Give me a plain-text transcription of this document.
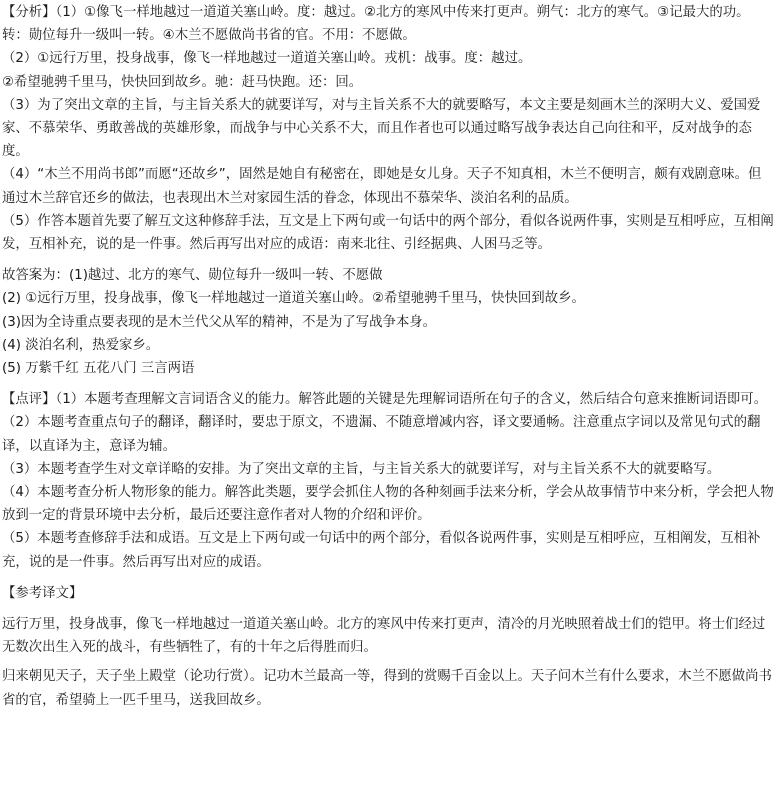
【分析】（1）①像飞一样地越过一道道关塞山岭。度：越过。②北方的寒风中传来打更声。朔气：北方的寒气。③记最大的功。转：勋位每升一级叫一转。④木兰不愿做尚书省的官。不用：不愿做。

（2）①远行万里，投身战事，像飞一样地越过一道道关塞山岭。戎机：战事。度：越过。

②希望驰骋千里马，快快回到故乡。驰：赶马快跑。还：回。

（3）为了突出文章的主旨，与主旨关系大的就要详写，对与主旨关系不大的就要略写，本文主要是刻画木兰的深明大义、爱国爱家、不慕荣华、勇敢善战的英雄形象，而战争与中心关系不大，而且作者也可以通过略写战争表达自己向往和平，反对战争的态度。

（4）“木兰不用尚书郎”而愿“还故乡”，固然是她自有秘密在，即她是女儿身。天子不知真相，木兰不便明言，颇有戏剧意味。但通过木兰辞官还乡的做法，也表现出木兰对家园生活的眷念，体现出不慕荣华、淡泊名利的品质。

（5）作答本题首先要了解互文这种修辞手法，互文是上下两句或一句话中的两个部分，看似各说两件事，实则是互相呼应，互相阐发，互相补充，说的是一件事。然后再写出对应的成语：南来北往、引经据典、人困马乏等。

故答案为：(1)越过、北方的寒气、勋位每升一级叫一转、不愿做

(2) ①远行万里，投身战事，像飞一样地越过一道道关塞山岭。②希望驰骋千里马，快快回到故乡。

(3)因为全诗重点要表现的是木兰代父从军的精神，不是为了写战争本身。

(4) 淡泊名利，热爱家乡。

(5) 万紫千红 五花八门 三言两语

【点评】（1）本题考查理解文言词语含义的能力。解答此题的关键是先理解词语所在句子的含义，然后结合句意来推断词语即可。

（2）本题考查重点句子的翻译，翻译时，要忠于原文，不遗漏、不随意增减内容，译文要通畅。注意重点字词以及常见句式的翻译，以直译为主，意译为辅。

（3）本题考查学生对文章详略的安排。为了突出文章的主旨，与主旨关系大的就要详写，对与主旨关系不大的就要略写。

（4）本题考查分析人物形象的能力。解答此类题，要学会抓住人物的各种刻画手法来分析，学会从故事情节中来分析，学会把人物放到一定的背景环境中去分析，最后还要注意作者对人物的介绍和评价。

（5）本题考查修辞手法和成语。互文是上下两句或一句话中的两个部分，看似各说两件事，实则是互相呼应，互相阐发，互相补充，说的是一件事。然后再写出对应的成语。

【参考译文】

远行万里，投身战事，像飞一样地越过一道道关塞山岭。北方的寒风中传来打更声，清冷的月光映照着战士们的铠甲。将士们经过无数次出生入死的战斗，有些牺牲了，有的十年之后得胜而归。

归来朝见天子，天子坐上殿堂（论功行赏）。记功木兰最高一等，得到的赏赐千百金以上。天子问木兰有什么要求，木兰不愿做尚书省的官，希望骑上一匹千里马，送我回故乡。
